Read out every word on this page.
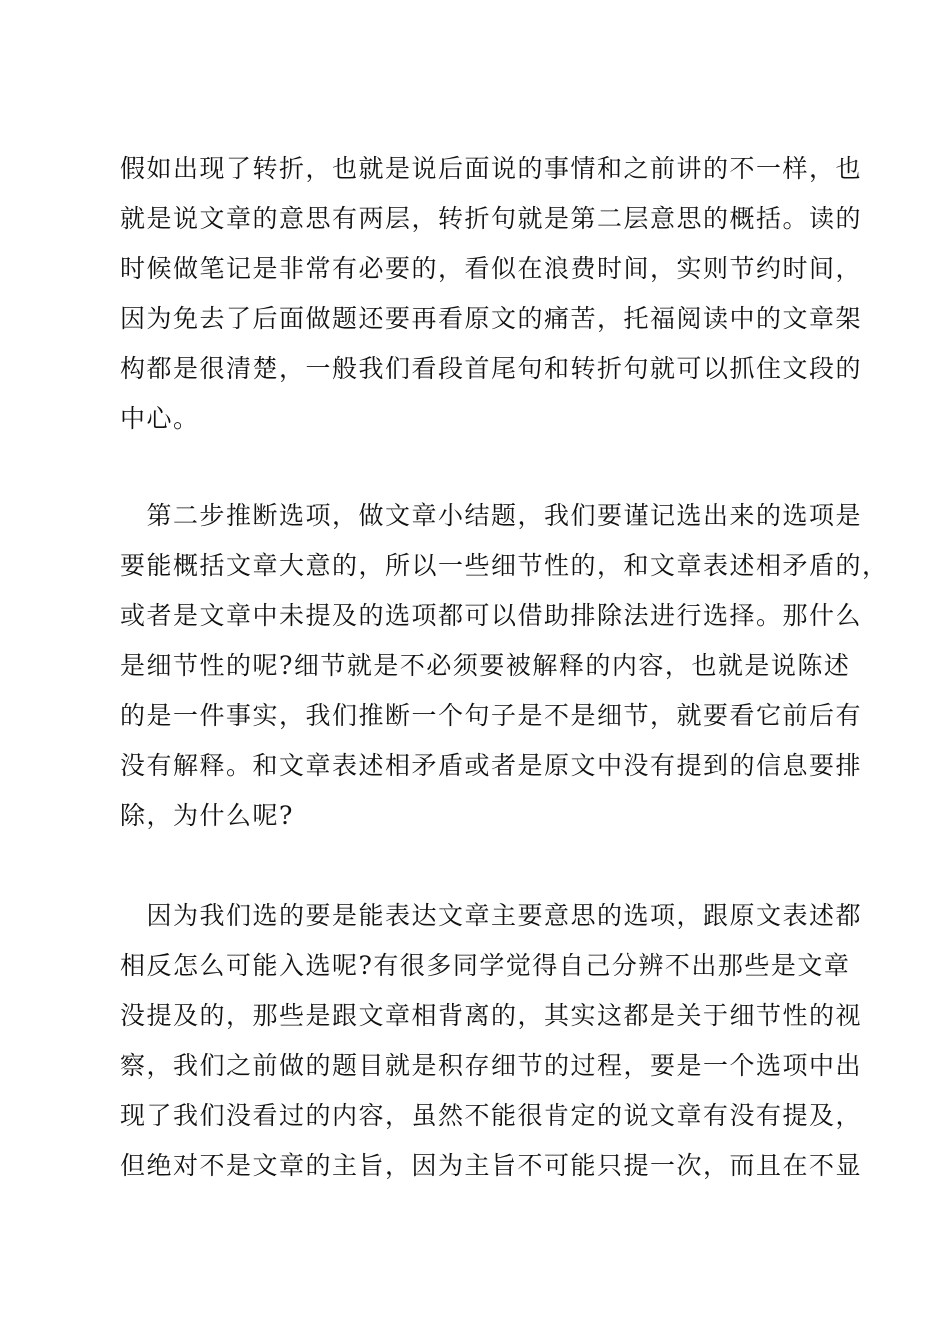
假如出现了转折，也就是说后面说的事情和之前讲的不一样，也
就是说文章的意思有两层，转折句就是第二层意思的概括。读的
时候做笔记是非常有必要的，看似在浪费时间，实则节约时间，
因为免去了后面做题还要再看原文的痛苦，托福阅读中的文章架
构都是很清楚，一般我们看段首尾句和转折句就可以抓住文段的
中心。
　第二步推断选项，做文章小结题，我们要谨记选出来的选项是
要能概括文章大意的，所以一些细节性的，和文章表述相矛盾的，
或者是文章中未提及的选项都可以借助排除法进行选择。那什么
是细节性的呢?细节就是不必须要被解释的内容，也就是说陈述
的是一件事实，我们推断一个句子是不是细节，就要看它前后有
没有解释。和文章表述相矛盾或者是原文中没有提到的信息要排
除，为什么呢?
　因为我们选的要是能表达文章主要意思的选项，跟原文表述都
相反怎么可能入选呢?有很多同学觉得自己分辨不出那些是文章
没提及的，那些是跟文章相背离的，其实这都是关于细节性的视
察，我们之前做的题目就是积存细节的过程，要是一个选项中出
现了我们没看过的内容，虽然不能很肯定的说文章有没有提及，
但绝对不是文章的主旨，因为主旨不可能只提一次，而且在不显
